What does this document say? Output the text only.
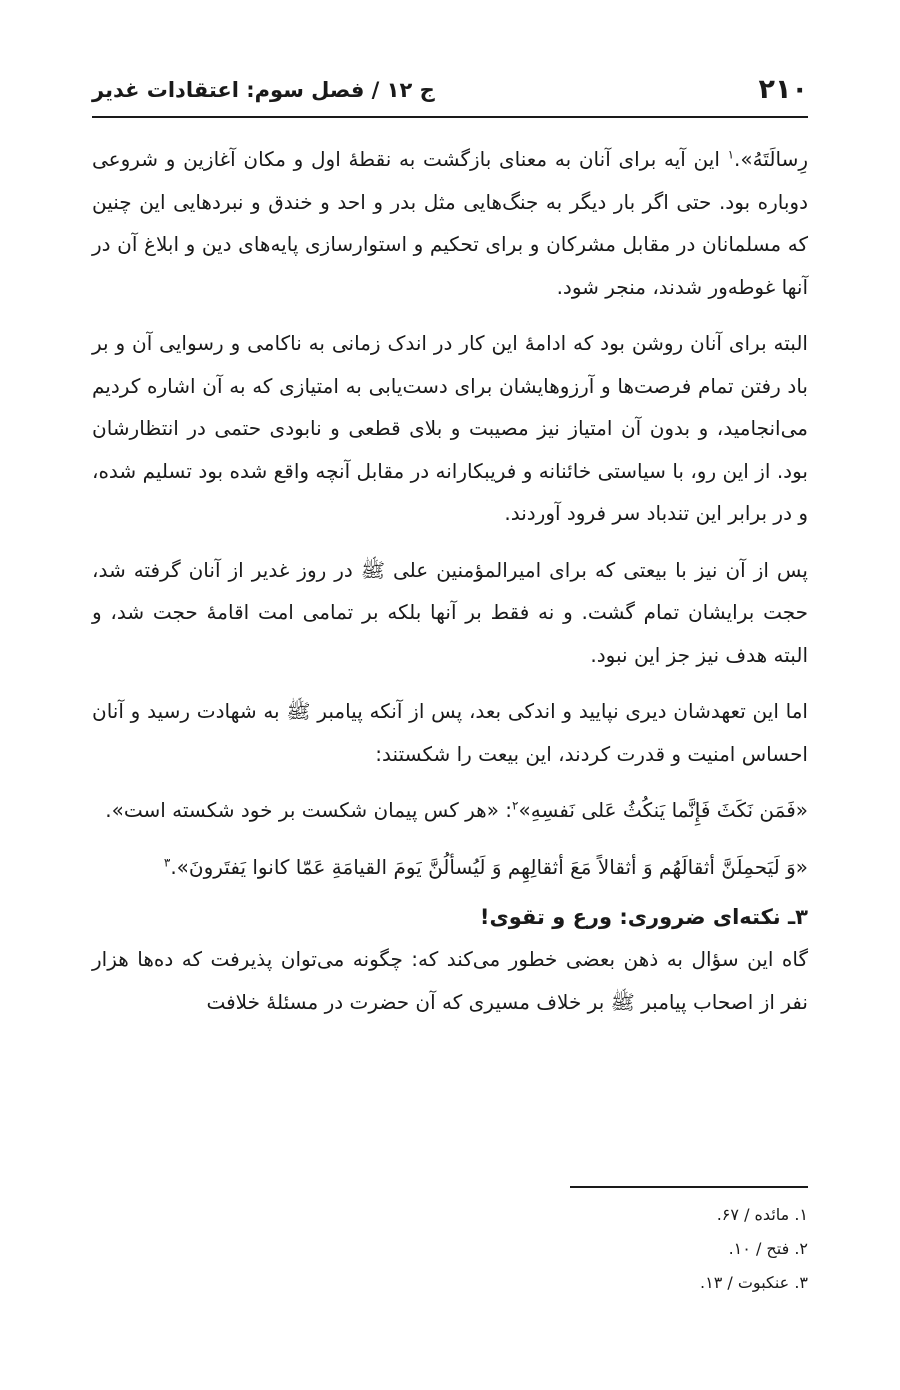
۲۱۰
ج ۱۲ / فصل سوم: اعتقادات غدیر

رِسالَتَهُ».$^۱$ این آیه برای آنان به معنای بازگشت به نقطهٔ اول و مکان آغازین و شروعی دوباره بود. حتی اگر بار دیگر به جنگ‌هایی مثل بدر و احد و خندق و نبردهایی این چنین که مسلمانان در مقابل مشرکان و برای تحکیم و استوارسازی پایه‌های دین و ابلاغ آن در آنها غوطه‌ور شدند، منجر شود.

البته برای آنان روشن بود که ادامهٔ این کار در اندک زمانی به ناکامی و رسوایی آن و بر باد رفتن تمام فرصت‌ها و آرزوهایشان برای دست‌یابی به امتیازی که به آن اشاره کردیم می‌انجامید، و بدون آن امتیاز نیز مصیبت و بلای قطعی و نابودی حتمی در انتظارشان بود. از این رو، با سیاستی خائنانه و فریبکارانه در مقابل آنچه واقع شده بود تسلیم شده، و در برابر این تندباد سر فرود آوردند.

پس از آن نیز با بیعتی که برای امیرالمؤمنین علی ﷺ در روز غدیر از آنان گرفته شد، حجت برایشان تمام گشت. و نه فقط بر آنها بلکه بر تمامی امت اقامهٔ حجت شد، و البته هدف نیز جز این نبود.

اما این تعهدشان دیری نپایید و اندکی بعد، پس از آنکه پیامبر ﷺ به شهادت رسید و آنان احساس امنیت و قدرت کردند، این بیعت را شکستند:

«فَمَن نَكَثَ فَإِنَّما يَنكُثُ عَلى نَفسِهِ»$^۲$: «هر کس پیمان شکست بر خود شکسته است».

«وَ لَيَحمِلَنَّ أثقالَهُم وَ أثقالاً مَعَ أثقالِهِم وَ لَيُسألُنَّ يَومَ القيامَةِ عَمّا كانوا يَفتَرونَ».$^۳$

۳ـ نکته‌ای ضروری: ورع و تقوی!

گاه این سؤال به ذهن بعضی خطور می‌کند که: چگونه می‌توان پذیرفت که ده‌ها هزار نفر از اصحاب پیامبر ﷺ بر خلاف مسیری که آن حضرت در مسئلهٔ خلافت

۱. مائده / ۶۷.
۲. فتح / ۱۰.
۳. عنکبوت / ۱۳.
